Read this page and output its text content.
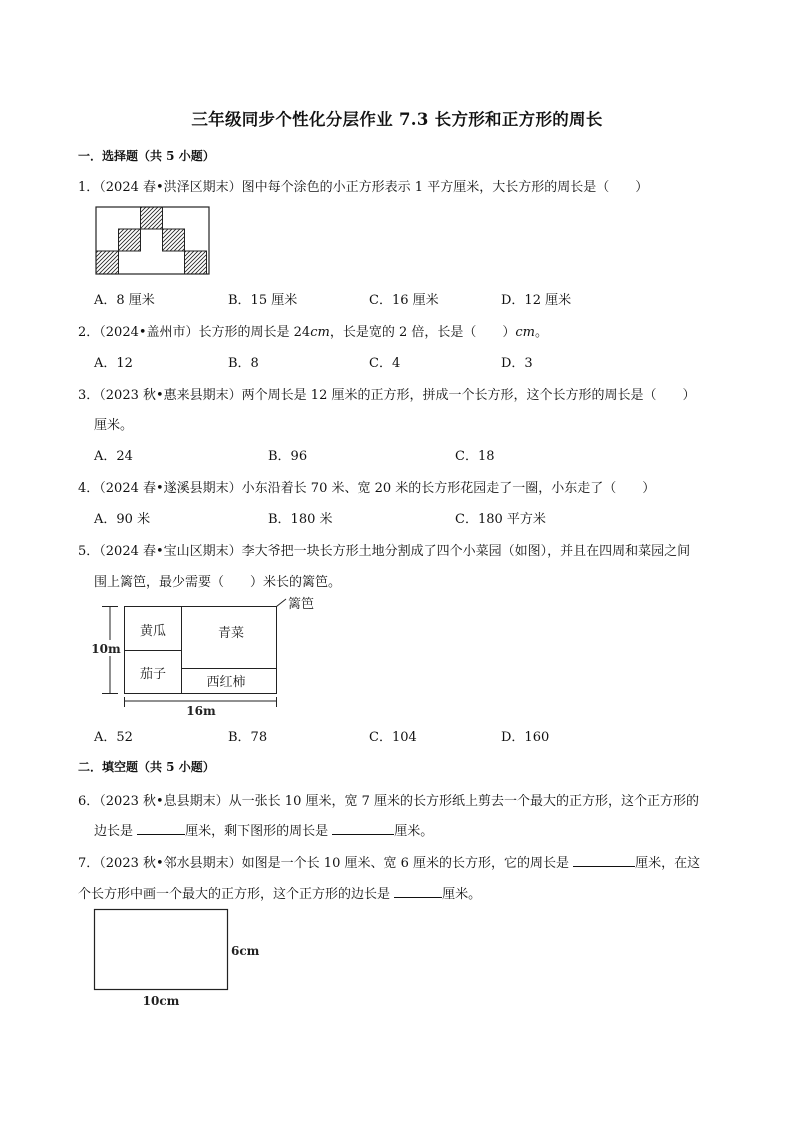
三年级同步个性化分层作业 7.3 长方形和正方形的周长
一．选择题（共 5 小题）
1．（2024 春•洪泽区期末）图中每个涂色的小正方形表示 1 平方厘米，大长方形的周长是（　　）
A．8 厘米	B．15 厘米	C．16 厘米	D．12 厘米
2．（2024•盖州市）长方形的周长是 24cm，长是宽的 2 倍，长是（　　）cm。
A．12	B．8	C．4	D．3
3．（2023 秋•惠来县期末）两个周长是 12 厘米的正方形，拼成一个长方形，这个长方形的周长是（　　）
厘米。
A．24	B．96	C．18
4．（2024 春•遂溪县期末）小东沿着长 70 米、宽 20 米的长方形花园走了一圈，小东走了（　　）
A．90 米	B．180 米	C．180 平方米
5．（2024 春•宝山区期末）李大爷把一块长方形土地分割成了四个小菜园（如图），并且在四周和菜园之间
围上篱笆，最少需要（　　）米长的篱笆。
篱笆
黄瓜	青菜
茄子
西红柿
10m
16m
A．52	B．78	C．104	D．160
二．填空题（共 5 小题）
6．（2023 秋•息县期末）从一张长 10 厘米，宽 7 厘米的长方形纸上剪去一个最大的正方形，这个正方形的
边长是	厘米，剩下图形的周长是	厘米。
7．（2023 秋•邻水县期末）如图是一个长 10 厘米、宽 6 厘米的长方形，它的周长是	厘米，在这
个长方形中画一个最大的正方形，这个正方形的边长是	厘米。
6cm
10cm
